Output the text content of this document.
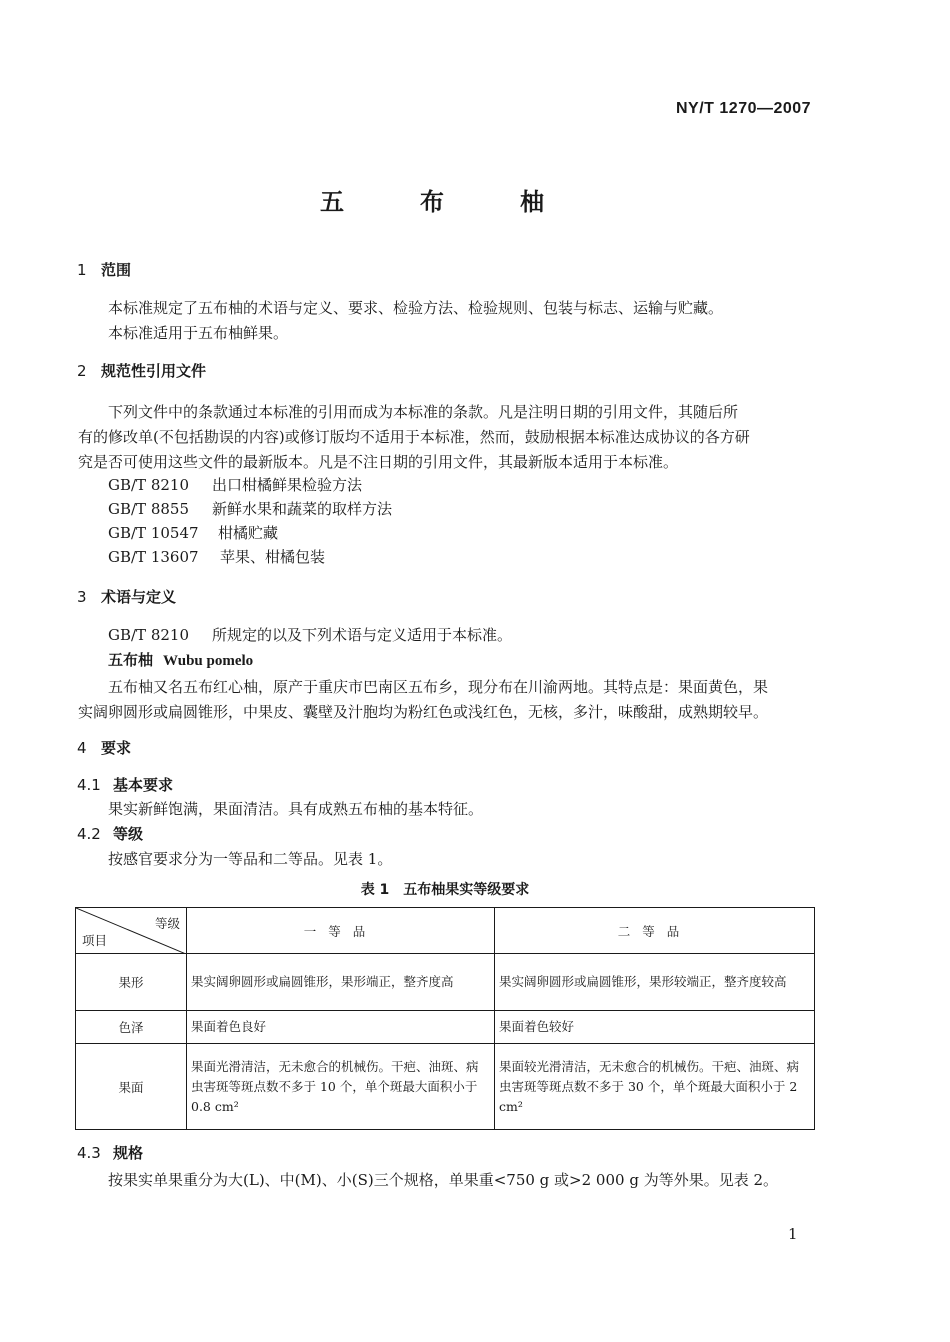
NY/T 1270—2007
五　布　柚
1 范围
本标准规定了五布柚的术语与定义、要求、检验方法、检验规则、包装与标志、运输与贮藏。
本标准适用于五布柚鲜果。
2 规范性引用文件
下列文件中的条款通过本标准的引用而成为本标准的条款。凡是注明日期的引用文件，其随后所
有的修改单(不包括勘误的内容)或修订版均不适用于本标准，然而，鼓励根据本标准达成协议的各方研
究是否可使用这些文件的最新版本。凡是不注日期的引用文件，其最新版本适用于本标准。
GB/T 8210 出口柑橘鲜果检验方法
GB/T 8855 新鲜水果和蔬菜的取样方法
GB/T 10547 柑橘贮藏
GB/T 13607 苹果、柑橘包装
3 术语与定义
GB/T 8210 所规定的以及下列术语与定义适用于本标准。
五布柚 Wubu pomelo
五布柚又名五布红心柚，原产于重庆市巴南区五布乡，现分布在川渝两地。其特点是：果面黄色，果
实阔卵圆形或扁圆锥形，中果皮、囊壁及汁胞均为粉红色或浅红色，无核，多汁，味酸甜，成熟期较早。
4 要求
4.1 基本要求
果实新鲜饱满，果面清洁。具有成熟五布柚的基本特征。
4.2 等级
按感官要求分为一等品和二等品。见表 1。
表 1　五布柚果实等级要求
等级
项目	一等品	二等品
果形	果实阔卵圆形或扁圆锥形，果形端正，整齐度高	果实阔卵圆形或扁圆锥形，果形较端正，整齐度较高
色泽	果面着色良好	果面着色较好
果面	果面光滑清洁，无未愈合的机械伤。干疤、油斑、病虫害斑等斑点数不多于 10 个，单个斑最大面积小于 0.8 cm²	果面较光滑清洁，无未愈合的机械伤。干疤、油斑、病虫害斑等斑点数不多于 30 个，单个斑最大面积小于 2 cm²
4.3 规格
按果实单果重分为大(L)、中(M)、小(S)三个规格，单果重<750 g 或>2 000 g 为等外果。见表 2。
1
